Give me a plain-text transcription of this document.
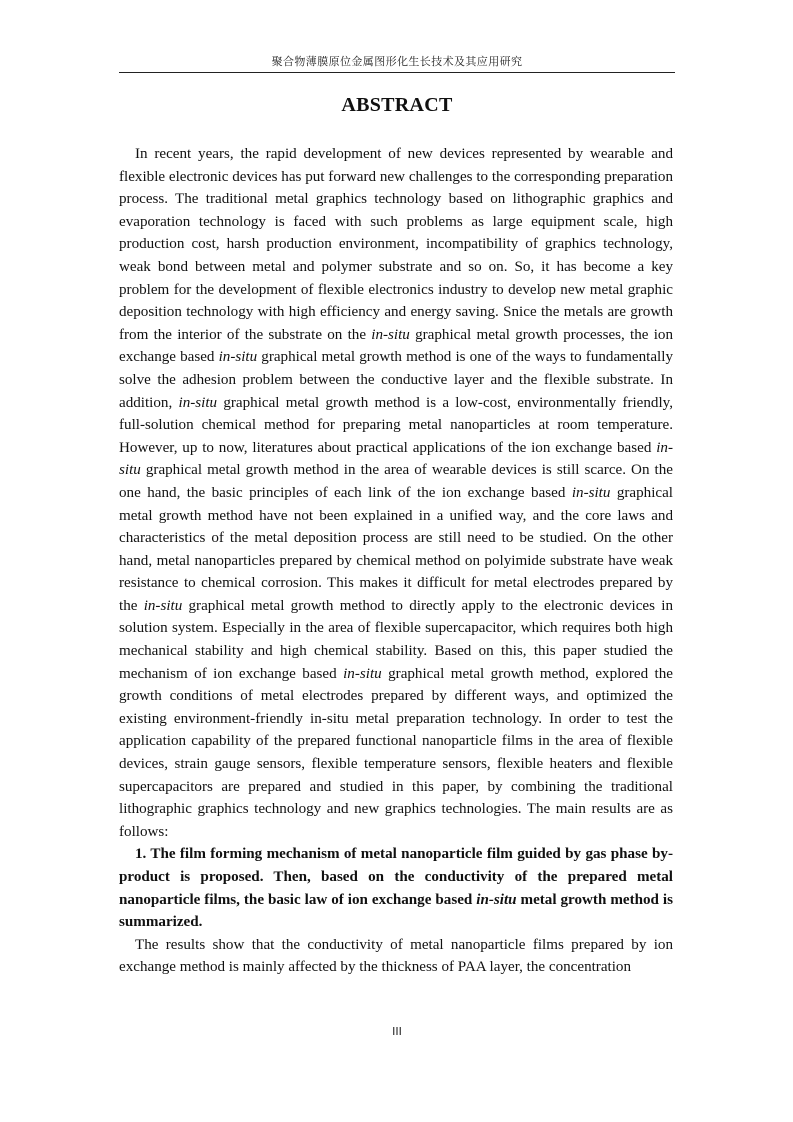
聚合物薄膜原位金属图形化生长技术及其应用研究
ABSTRACT

In recent years, the rapid development of new devices represented by wearable and flexible electronic devices has put forward new challenges to the corresponding preparation process. The traditional metal graphics technology based on lithographic graphics and evaporation technology is faced with such problems as large equipment scale, high production cost, harsh production environment, incompatibility of graphics technology, weak bond between metal and polymer substrate and so on. So, it has become a key problem for the development of flexible electronics industry to develop new metal graphic deposition technology with high efficiency and energy saving. Snice the metals are growth from the interior of the substrate on the in-situ graphical metal growth processes, the ion exchange based in-situ graphical metal growth method is one of the ways to fundamentally solve the adhesion problem between the conductive layer and the flexible substrate. In addition, in-situ graphical metal growth method is a low-cost, environmentally friendly, full-solution chemical method for preparing metal nanoparticles at room temperature. However, up to now, literatures about practical applications of the ion exchange based in-situ graphical metal growth method in the area of wearable devices is still scarce. On the one hand, the basic principles of each link of the ion exchange based in-situ graphical metal growth method have not been explained in a unified way, and the core laws and characteristics of the metal deposition process are still need to be studied. On the other hand, metal nanoparticles prepared by chemical method on polyimide substrate have weak resistance to chemical corrosion. This makes it difficult for metal electrodes prepared by the in-situ graphical metal growth method to directly apply to the electronic devices in solution system. Especially in the area of flexible supercapacitor, which requires both high mechanical stability and high chemical stability. Based on this, this paper studied the mechanism of ion exchange based in-situ graphical metal growth method, explored the growth conditions of metal electrodes prepared by different ways, and optimized the existing environment-friendly in-situ metal preparation technology. In order to test the application capability of the prepared functional nanoparticle films in the area of flexible devices, strain gauge sensors, flexible temperature sensors, flexible heaters and flexible supercapacitors are prepared and studied in this paper, by combining the traditional lithographic graphics technology and new graphics technologies. The main results are as follows:

1. The film forming mechanism of metal nanoparticle film guided by gas phase by-product is proposed. Then, based on the conductivity of the prepared metal nanoparticle films, the basic law of ion exchange based in-situ metal growth method is summarized.

The results show that the conductivity of metal nanoparticle films prepared by ion exchange method is mainly affected by the thickness of PAA layer, the concentration

III
